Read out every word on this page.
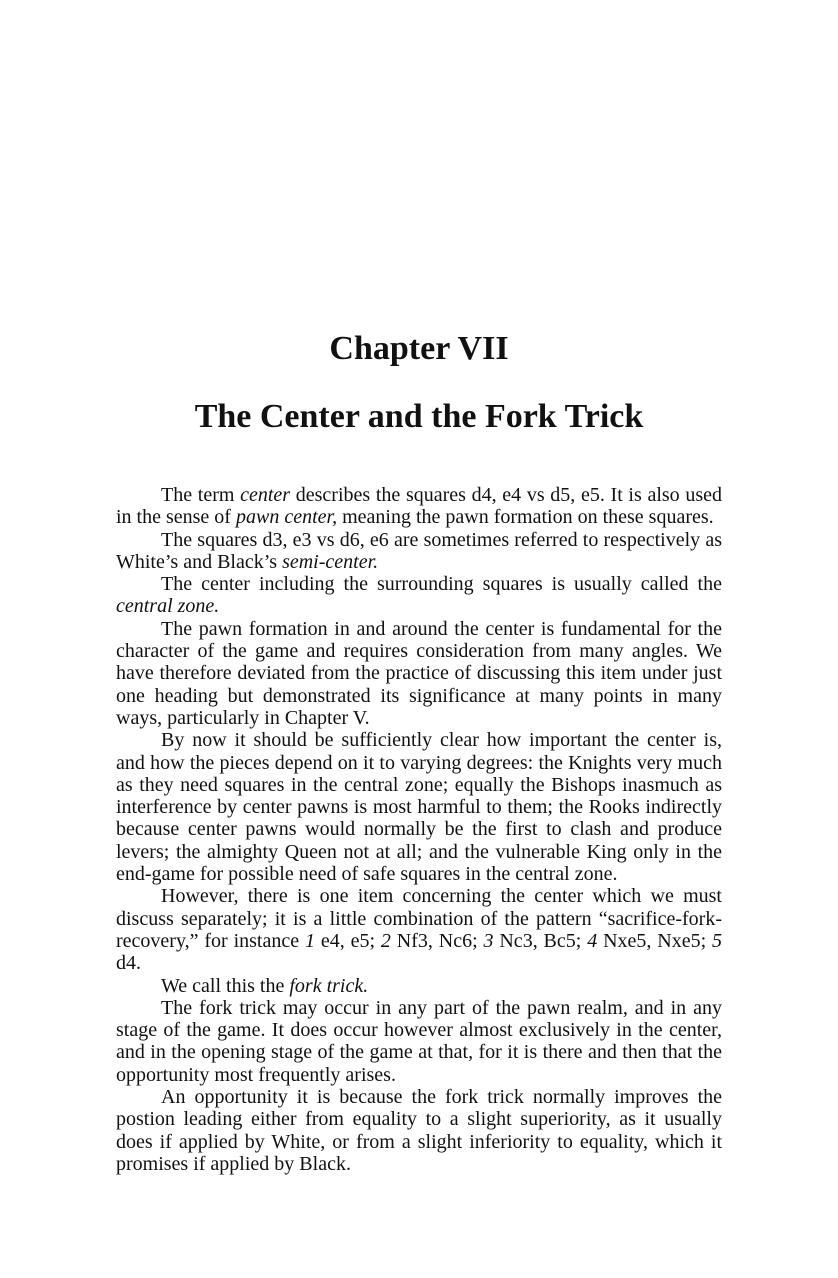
Chapter VII
The Center and the Fork Trick

The term center describes the squares d4, e4 vs d5, e5. It is also used in the sense of pawn center, meaning the pawn formation on these squares.

The squares d3, e3 vs d6, e6 are sometimes referred to respectively as White’s and Black’s semi-center.

The center including the surrounding squares is usually called the central zone.

The pawn formation in and around the center is fundamental for the character of the game and requires consideration from many angles. We have therefore deviated from the practice of discussing this item under just one heading but demonstrated its significance at many points in many ways, particularly in Chapter V.

By now it should be sufficiently clear how important the center is, and how the pieces depend on it to varying degrees: the Knights very much as they need squares in the central zone; equally the Bishops inasmuch as interference by center pawns is most harmful to them; the Rooks indirectly because center pawns would normally be the first to clash and produce levers; the almighty Queen not at all; and the vulnerable King only in the end-game for possible need of safe squares in the central zone.

However, there is one item concerning the center which we must discuss separately; it is a little combination of the pattern “sacrifice-fork-recovery,” for instance 1 e4, e5; 2 Nf3, Nc6; 3 Nc3, Bc5; 4 Nxe5, Nxe5; 5 d4.

We call this the fork trick.

The fork trick may occur in any part of the pawn realm, and in any stage of the game. It does occur however almost exclusively in the center, and in the opening stage of the game at that, for it is there and then that the opportunity most frequently arises.

An opportunity it is because the fork trick normally improves the postion leading either from equality to a slight superiority, as it usually does if applied by White, or from a slight inferiority to equality, which it promises if applied by Black.
